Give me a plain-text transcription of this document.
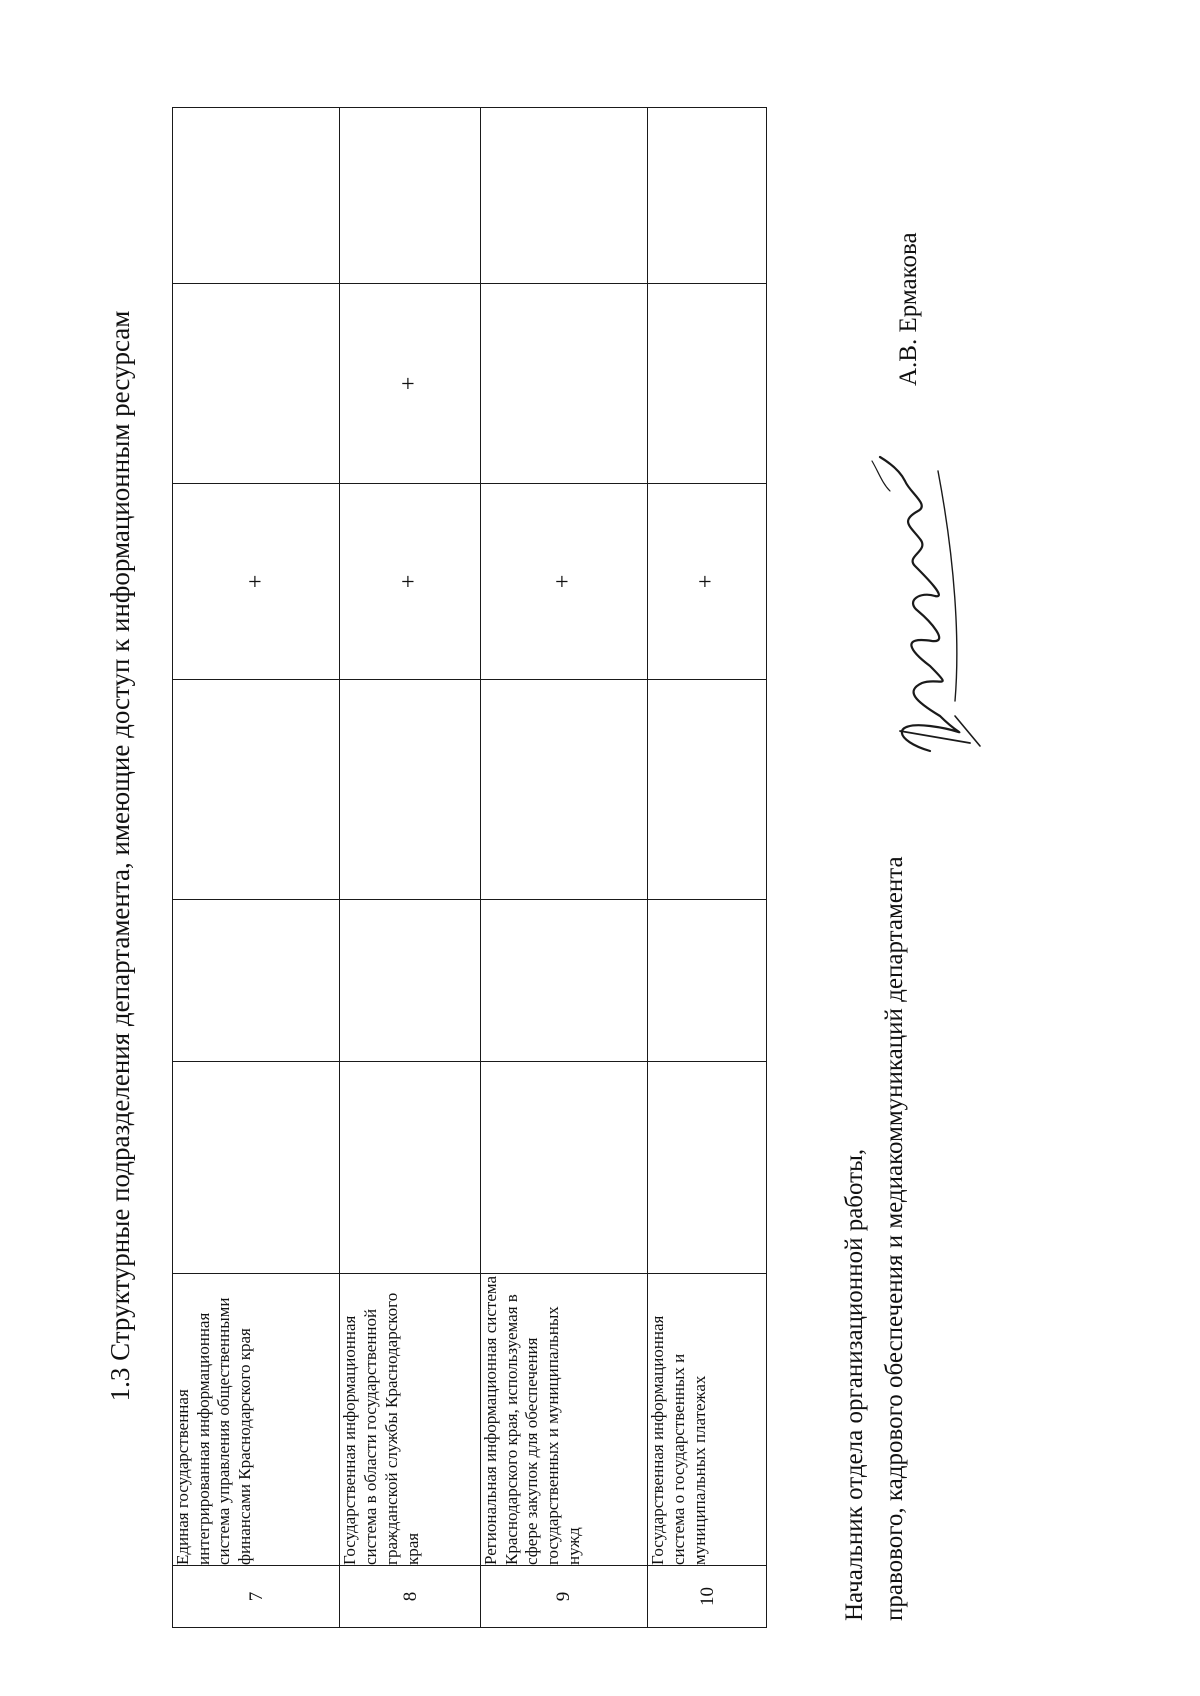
1.3 Структурные подразделения департамента, имеющие доступ к информационным ресурсам
7	Единая государственная интегрированная информационная система управления общественными финансами Краснодарского края				+		
8	Государственная информационная система в области государственной гражданской службы Краснодарского края				+	+	
9	Региональная информационная система Краснодарского края, используемая в сфере закупок для обеспечения государственных и муниципальных нужд				+		
10	Государственная информационная система о государственных и муниципальных платежах				+		
Начальник отдела организационной работы, правового, кадрового обеспечения и медиакоммуникаций департамента
А.В. Ермакова
